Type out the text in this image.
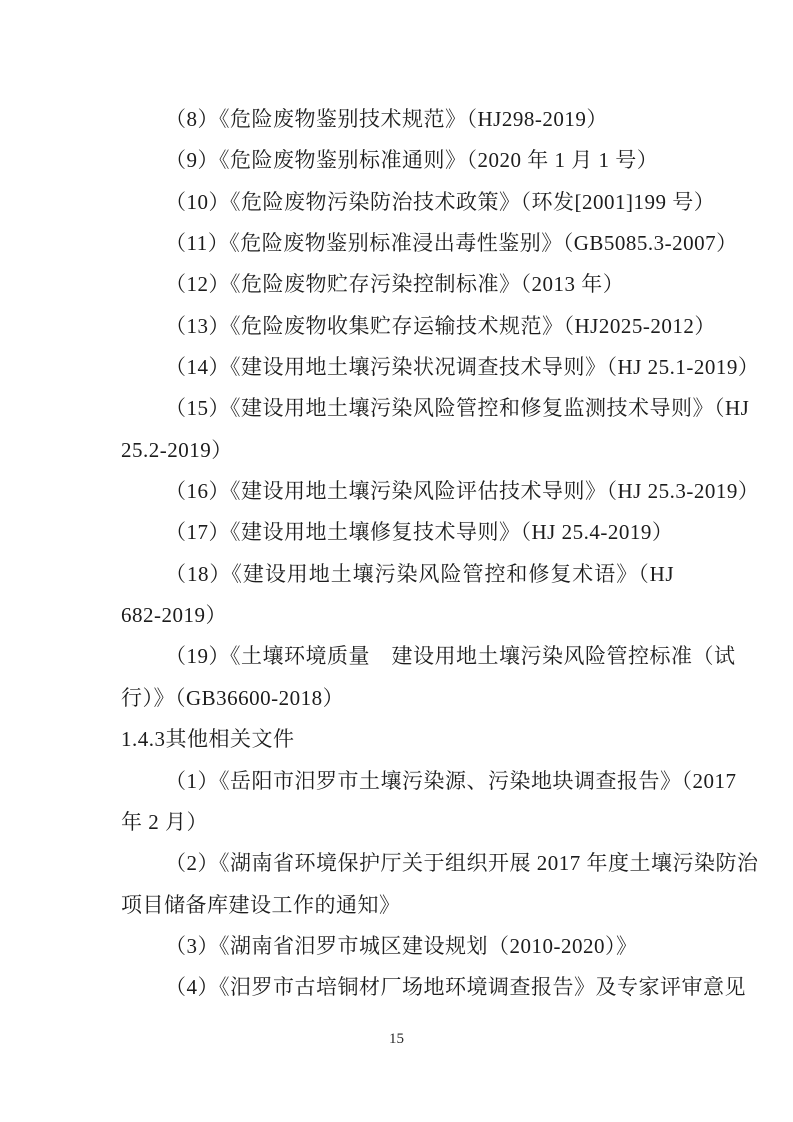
（8）《危险废物鉴别技术规范》（HJ298-2019）
（9）《危险废物鉴别标准通则》（2020 年 1 月 1 号）
（10）《危险废物污染防治技术政策》（环发[2001]199 号）
（11）《危险废物鉴别标准浸出毒性鉴别》（GB5085.3-2007）
（12）《危险废物贮存污染控制标准》（2013 年）
（13）《危险废物收集贮存运输技术规范》（HJ2025-2012）
（14）《建设用地土壤污染状况调查技术导则》（HJ 25.1-2019）
（15）《建设用地土壤污染风险管控和修复监测技术导则》（HJ
25.2-2019）
（16）《建设用地土壤污染风险评估技术导则》（HJ 25.3-2019）
（17）《建设用地土壤修复技术导则》（HJ 25.4-2019）
（18）《建设用地土壤污染风险管控和修复术语》（HJ
682-2019）
（19）《土壤环境质量　建设用地土壤污染风险管控标准（试
行）》（GB36600-2018）
1.4.3其他相关文件
（1）《岳阳市汨罗市土壤污染源、污染地块调查报告》（2017
年 2 月）
（2）《湖南省环境保护厅关于组织开展 2017 年度土壤污染防治
项目储备库建设工作的通知》
（3）《湖南省汨罗市城区建设规划（2010-2020）》
（4）《汨罗市古培铜材厂场地环境调查报告》及专家评审意见
15
